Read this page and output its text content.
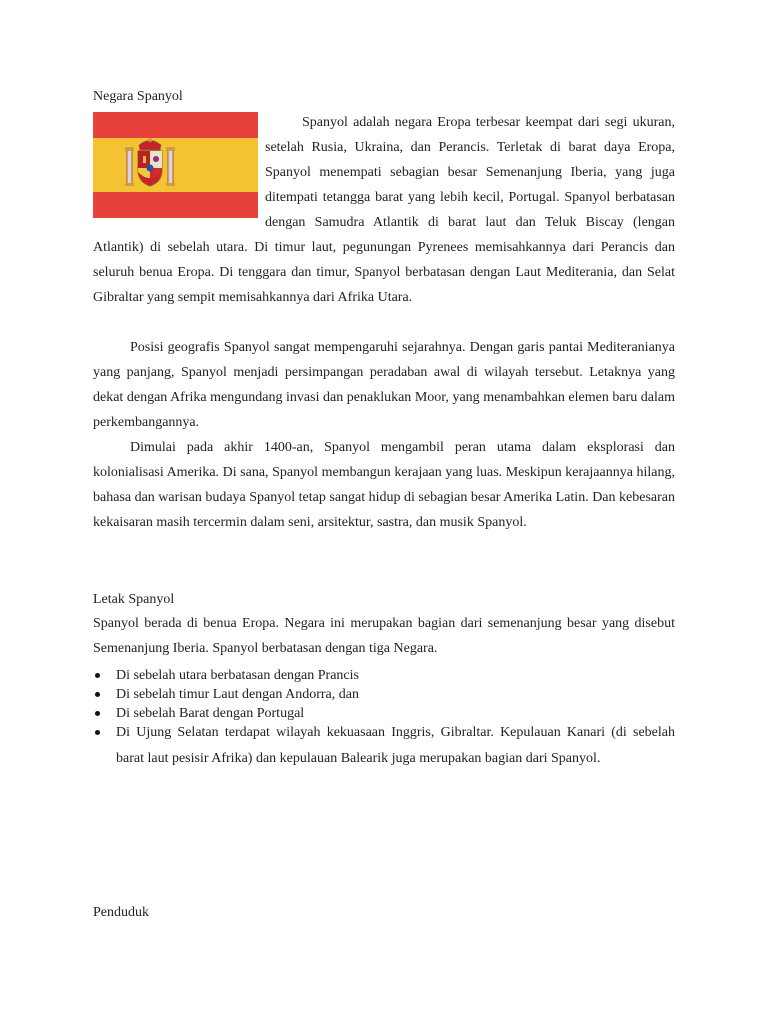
Negara Spanyol

Spanyol adalah negara Eropa terbesar keempat dari segi ukuran, setelah Rusia, Ukraina, dan Perancis. Terletak di barat daya Eropa, Spanyol menempati sebagian besar Semenanjung Iberia, yang juga ditempati tetangga barat yang lebih kecil, Portugal. Spanyol berbatasan dengan Samudra Atlantik di barat laut dan Teluk Biscay (lengan Atlantik) di sebelah utara. Di timur laut, pegunungan Pyrenees memisahkannya dari Perancis dan seluruh benua Eropa. Di tenggara dan timur, Spanyol berbatasan dengan Laut Mediterania, dan Selat Gibraltar yang sempit memisahkannya dari Afrika Utara.

Posisi geografis Spanyol sangat mempengaruhi sejarahnya. Dengan garis pantai Mediteranianya yang panjang, Spanyol menjadi persimpangan peradaban awal di wilayah tersebut. Letaknya yang dekat dengan Afrika mengundang invasi dan penaklukan Moor, yang menambahkan elemen baru dalam perkembangannya.

Dimulai pada akhir 1400-an, Spanyol mengambil peran utama dalam eksplorasi dan kolonialisasi Amerika. Di sana, Spanyol membangun kerajaan yang luas. Meskipun kerajaannya hilang, bahasa dan warisan budaya Spanyol tetap sangat hidup di sebagian besar Amerika Latin. Dan kebesaran kekaisaran masih tercermin dalam seni, arsitektur, sastra, dan musik Spanyol.

Letak Spanyol

Spanyol berada di benua Eropa. Negara ini merupakan bagian dari semenanjung besar yang disebut Semenanjung Iberia. Spanyol berbatasan dengan tiga Negara.

Di sebelah utara berbatasan dengan Prancis
Di sebelah timur Laut dengan Andorra, dan
Di sebelah Barat dengan Portugal
Di Ujung Selatan terdapat wilayah kekuasaan Inggris, Gibraltar. Kepulauan Kanari (di sebelah barat laut pesisir Afrika) dan kepulauan Balearik juga merupakan bagian dari Spanyol.

Penduduk
